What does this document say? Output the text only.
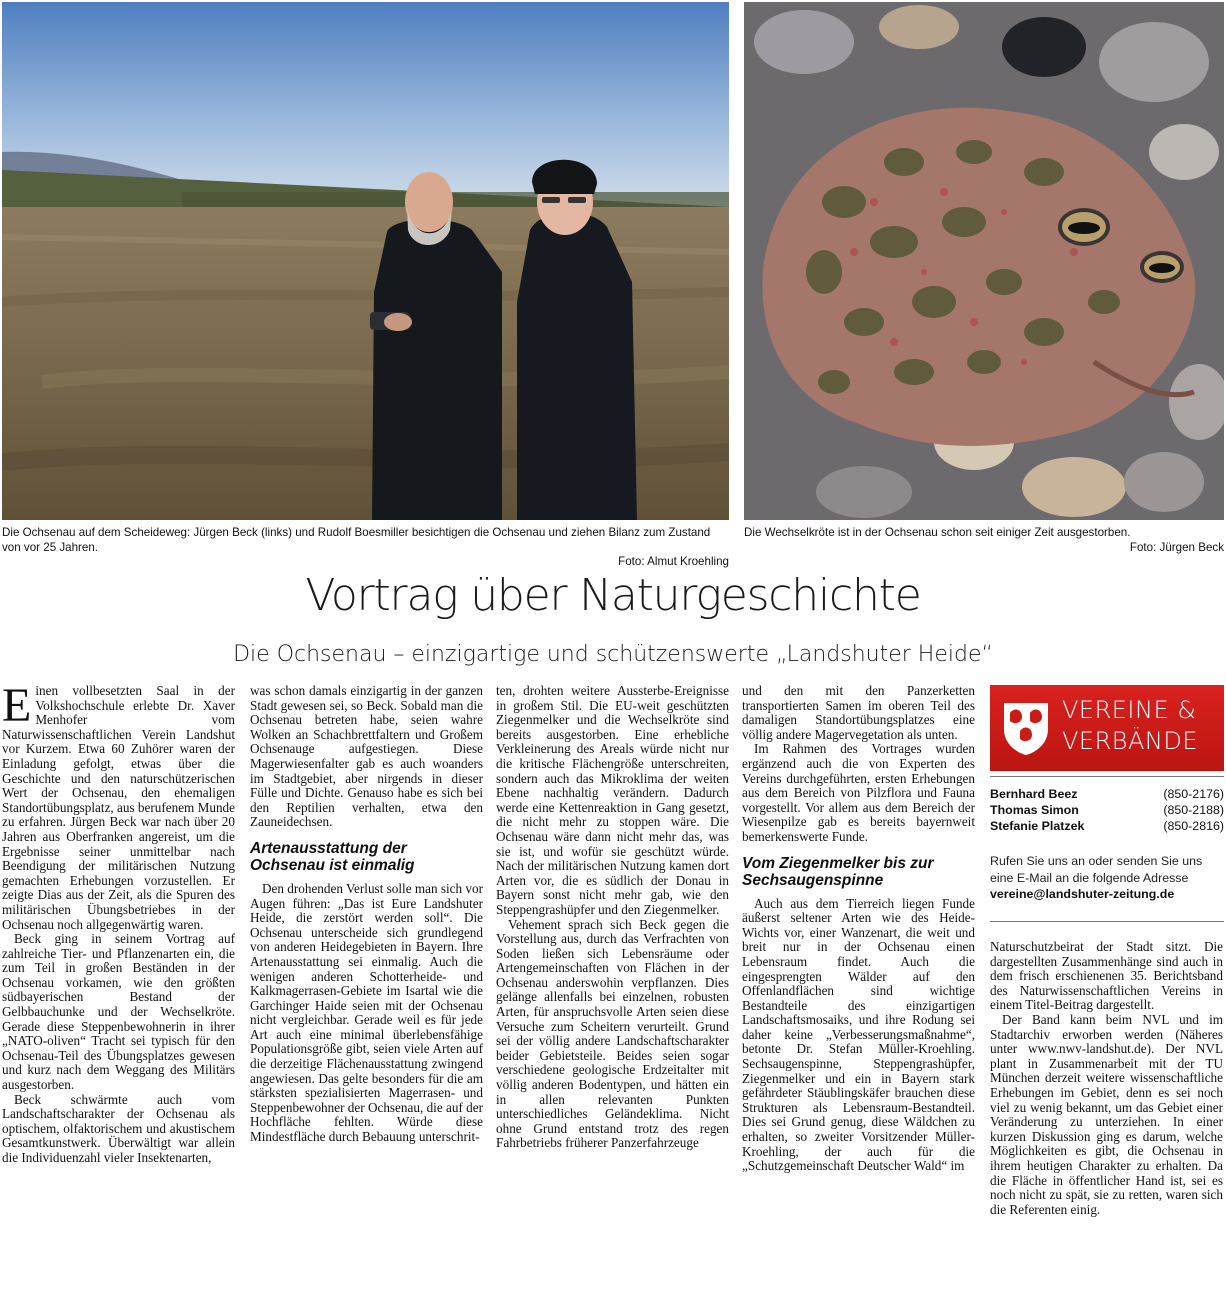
Die Ochsenau auf dem Scheideweg: Jürgen Beck (links) und Rudolf Boesmiller besichtigen die Ochsenau und ziehen Bilanz zum Zustand von vor 25 Jahren.
Foto: Almut Kroehling
Die Wechselkröte ist in der Ochsenau schon seit einiger Zeit ausgestorben.
Foto: Jürgen Beck
Vortrag über Naturgeschichte
Die Ochsenau – einzigartige und schützenswerte „Landshuter Heide“

Einen vollbesetzten Saal in der Volkshochschule erlebte Dr. Xaver Menhofer vom Naturwissenschaftlichen Verein Landshut vor Kurzem. Etwa 60 Zuhörer waren der Einladung gefolgt, etwas über die Geschichte und den naturschützerischen Wert der Ochsenau, den ehemaligen Standortübungsplatz, aus berufenem Munde zu erfahren. Jürgen Beck war nach über 20 Jahren aus Oberfranken angereist, um die Ergebnisse seiner unmittelbar nach Beendigung der militärischen Nutzung gemachten Erhebungen vorzustellen. Er zeigte Dias aus der Zeit, als die Spuren des militärischen Übungsbetriebes in der Ochsenau noch allgegenwärtig waren.

Beck ging in seinem Vortrag auf zahlreiche Tier- und Pflanzenarten ein, die zum Teil in großen Beständen in der Ochsenau vorkamen, wie den größten südbayerischen Bestand der Gelbbauchunke und der Wechselkröte. Gerade diese Steppenbewohnerin in ihrer „NATO-oliven“ Tracht sei typisch für den Ochsenau-Teil des Übungsplatzes gewesen und kurz nach dem Weggang des Militärs ausgestorben.

Beck schwärmte auch vom Landschaftscharakter der Ochsenau als optischem, olfaktorischem und akustischem Gesamtkunstwerk. Überwältigt war allein die Individuenzahl vieler Insektenarten,

was schon damals einzigartig in der ganzen Stadt gewesen sei, so Beck. Sobald man die Ochsenau betreten habe, seien wahre Wolken an Schachbrettfaltern und Großem Ochsenauge aufgestiegen. Diese Magerwiesenfalter gab es auch woanders im Stadtgebiet, aber nirgends in dieser Fülle und Dichte. Genauso habe es sich bei den Reptilien verhalten, etwa den Zauneidechsen.

Artenausstattung der Ochsenau ist einmalig

Den drohenden Verlust solle man sich vor Augen führen: „Das ist Eure Landshuter Heide, die zerstört werden soll“. Die Ochsenau unterscheide sich grundlegend von anderen Heidegebieten in Bayern. Ihre Artenausstattung sei einmalig. Auch die wenigen anderen Schotterheide- und Kalkmagerrasen-Gebiete im Isartal wie die Garchinger Haide seien mit der Ochsenau nicht vergleichbar. Gerade weil es für jede Art auch eine minimal überlebensfähige Populationsgröße gibt, seien viele Arten auf die derzeitige Flächenausstattung zwingend angewiesen. Das gelte besonders für die am stärksten spezialisierten Magerrasen- und Steppenbewohner der Ochsenau, die auf der Hochfläche fehlten. Würde diese Mindestfläche durch Bebauung unterschrit-

ten, drohten weitere Aussterbe-Ereignisse in großem Stil. Die EU-weit geschützten Ziegenmelker und die Wechselkröte sind bereits ausgestorben. Eine erhebliche Verkleinerung des Areals würde nicht nur die kritische Flächengröße unterschreiten, sondern auch das Mikroklima der weiten Ebene nachhaltig verändern. Dadurch werde eine Kettenreaktion in Gang gesetzt, die nicht mehr zu stoppen wäre. Die Ochsenau wäre dann nicht mehr das, was sie ist, und wofür sie geschützt würde. Nach der militärischen Nutzung kamen dort Arten vor, die es südlich der Donau in Bayern sonst nicht mehr gab, wie den Steppengrashüpfer und den Ziegenmelker.

Vehement sprach sich Beck gegen die Vorstellung aus, durch das Verfrachten von Soden ließen sich Lebensräume oder Artengemeinschaften von Flächen in der Ochsenau anderswohin verpflanzen. Dies gelänge allenfalls bei einzelnen, robusten Arten, für anspruchsvolle Arten seien diese Versuche zum Scheitern verurteilt. Grund sei der völlig andere Landschaftscharakter beider Gebietsteile. Beides seien sogar verschiedene geologische Erdzeitalter mit völlig anderen Bodentypen, und hätten ein in allen relevanten Punkten unterschiedliches Geländeklima. Nicht ohne Grund entstand trotz des regen Fahrbetriebs früherer Panzerfahrzeuge

und den mit den Panzerketten transportierten Samen im oberen Teil des damaligen Standortübungsplatzes eine völlig andere Magervegetation als unten.

Im Rahmen des Vortrages wurden ergänzend auch die von Experten des Vereins durchgeführten, ersten Erhebungen aus dem Bereich von Pilzflora und Fauna vorgestellt. Vor allem aus dem Bereich der Wiesenpilze gab es bereits bayernweit bemerkenswerte Funde.

Vom Ziegenmelker bis zur Sechsaugenspinne

Auch aus dem Tierreich liegen Funde äußerst seltener Arten wie des Heide-Wichts vor, einer Wanzenart, die weit und breit nur in der Ochsenau einen Lebensraum findet. Auch die eingesprengten Wälder auf den Offenlandflächen sind wichtige Bestandteile des einzigartigen Landschaftsmosaiks, und ihre Rodung sei daher keine „Verbesserungsmaßnahme“, betonte Dr. Stefan Müller-Kroehling. Sechsaugenspinne, Steppengrashüpfer, Ziegenmelker und ein in Bayern stark gefährdeter Stäublingskäfer brauchen diese Strukturen als Lebensraum-Bestandteil. Dies sei Grund genug, diese Wäldchen zu erhalten, so zweiter Vorsitzender Müller-Kroehling, der auch für die „Schutzgemeinschaft Deutscher Wald“ im

VEREINE &
VERBÄNDE
Bernhard Beez	(850-2176)
Thomas Simon	(850-2188)
Stefanie Platzek	(850-2816)
Rufen Sie uns an oder senden Sie uns eine E-Mail an die folgende Adresse vereine@landshuter-zeitung.de

Naturschutzbeirat der Stadt sitzt. Die dargestellten Zusammenhänge sind auch in dem frisch erschienenen 35. Berichtsband des Naturwissenschaftlichen Vereins in einem Titel-Beitrag dargestellt.

Der Band kann beim NVL und im Stadtarchiv erworben werden (Näheres unter www.nwv-landshut.de). Der NVL plant in Zusammenarbeit mit der TU München derzeit weitere wissenschaftliche Erhebungen im Gebiet, denn es sei noch viel zu wenig bekannt, um das Gebiet einer Veränderung zu unterziehen. In einer kurzen Diskussion ging es darum, welche Möglichkeiten es gibt, die Ochsenau in ihrem heutigen Charakter zu erhalten. Da die Fläche in öffentlicher Hand ist, sei es noch nicht zu spät, sie zu retten, waren sich die Referenten einig.
